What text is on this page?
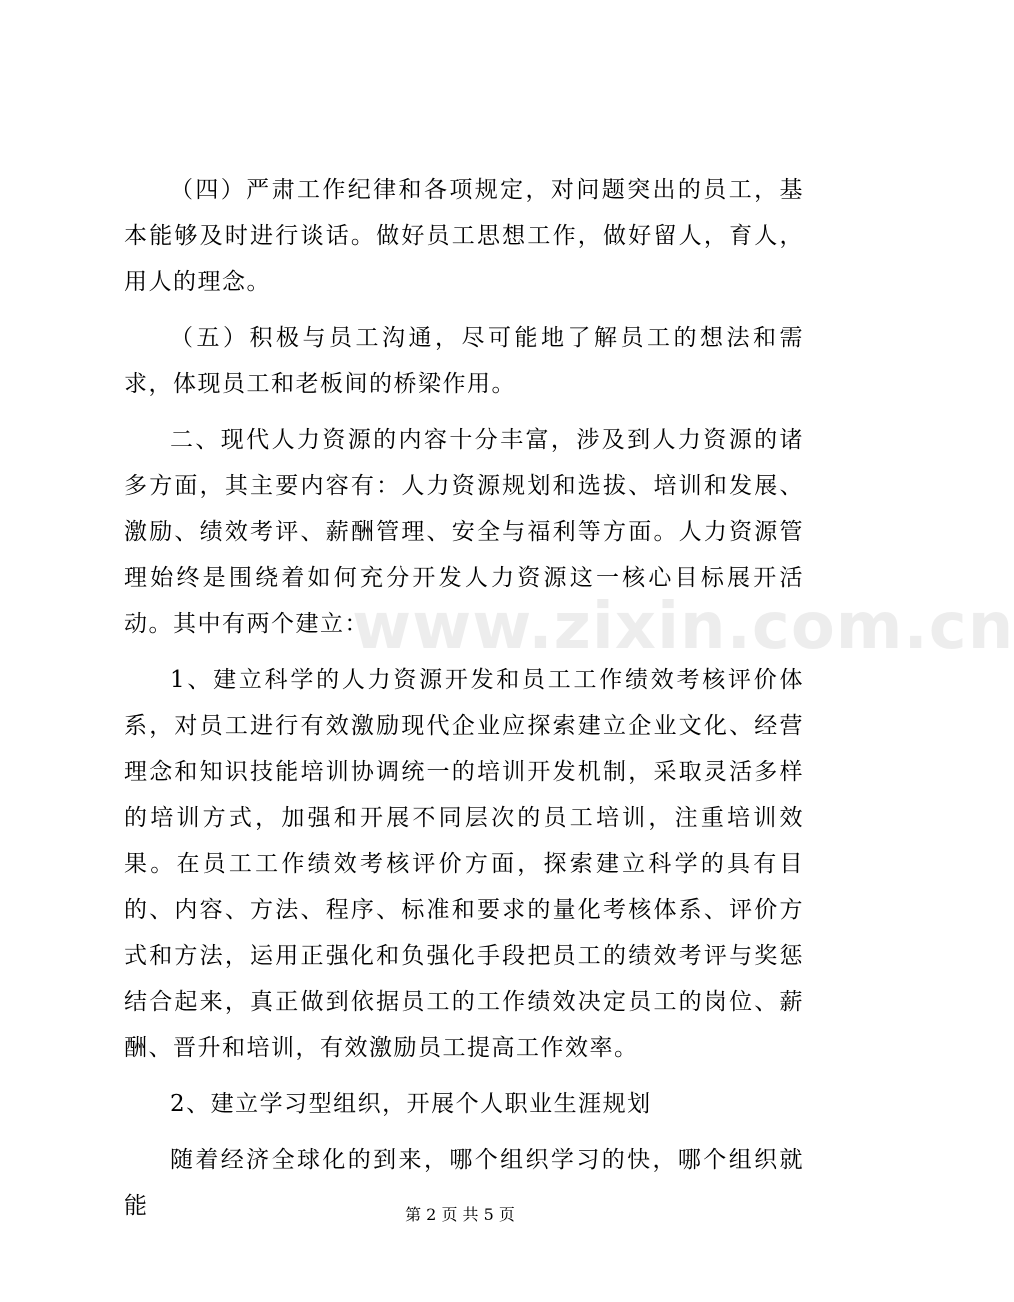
www.zixin.com.cn

（四）严肃工作纪律和各项规定，对问题突出的员工，基本能够及时进行谈话。做好员工思想工作，做好留人，育人，用人的理念。

（五）积极与员工沟通，尽可能地了解员工的想法和需求，体现员工和老板间的桥梁作用。

二、现代人力资源的内容十分丰富，涉及到人力资源的诸多方面，其主要内容有：人力资源规划和选拔、培训和发展、激励、绩效考评、薪酬管理、安全与福利等方面。人力资源管理始终是围绕着如何充分开发人力资源这一核心目标展开活动。其中有两个建立：

1、建立科学的人力资源开发和员工工作绩效考核评价体系，对员工进行有效激励现代企业应探索建立企业文化、经营理念和知识技能培训协调统一的培训开发机制，采取灵活多样的培训方式，加强和开展不同层次的员工培训，注重培训效果。在员工工作绩效考核评价方面，探索建立科学的具有目的、内容、方法、程序、标准和要求的量化考核体系、评价方式和方法，运用正强化和负强化手段把员工的绩效考评与奖惩结合起来，真正做到依据员工的工作绩效决定员工的岗位、薪酬、晋升和培训，有效激励员工提高工作效率。

2、建立学习型组织，开展个人职业生涯规划

随着经济全球化的到来，哪个组织学习的快，哪个组织就能	第 2 页 共 5 页
